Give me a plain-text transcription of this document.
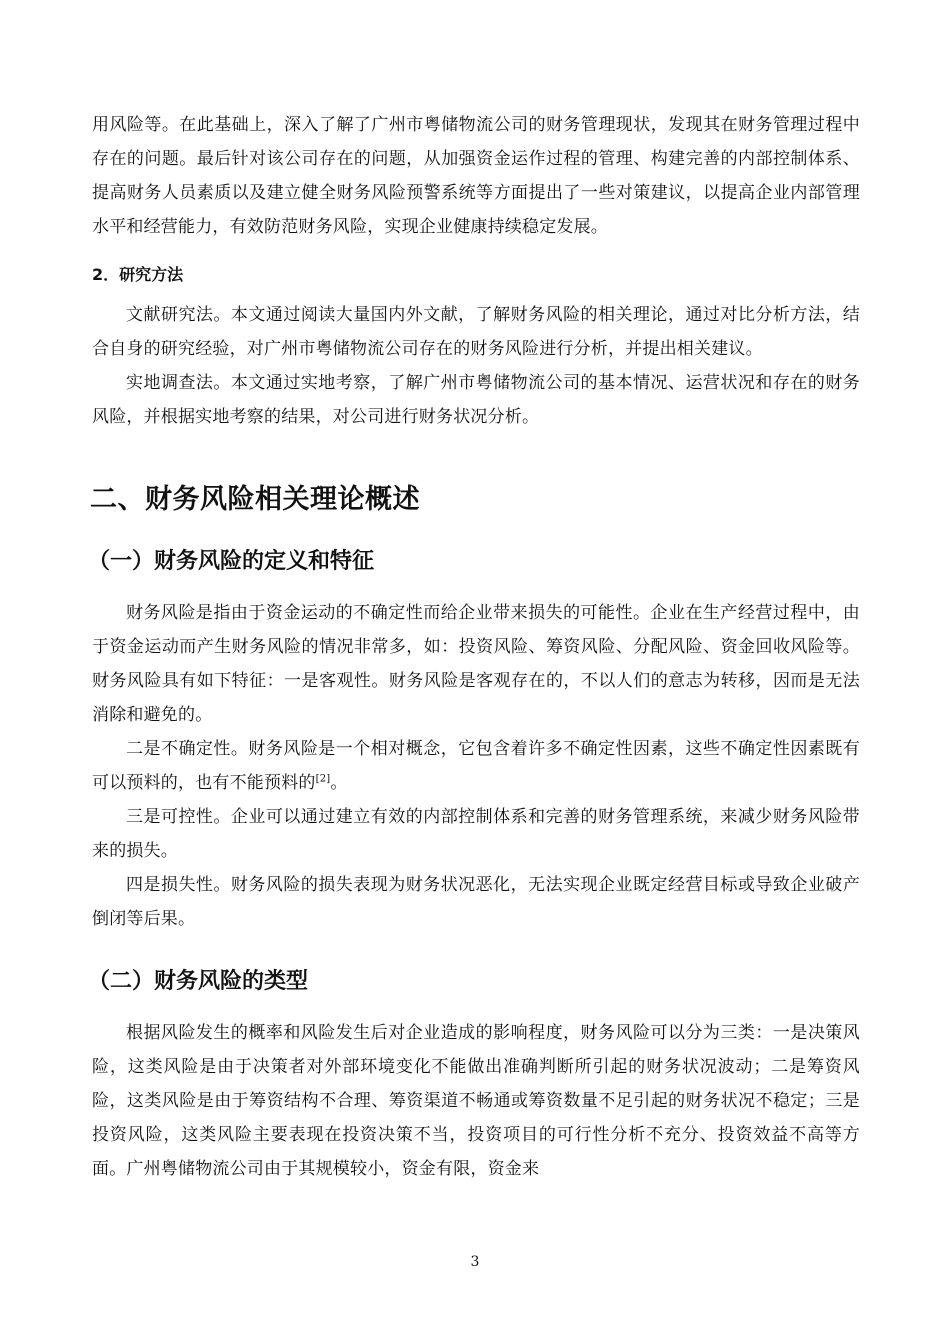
用风险等。在此基础上，深入了解了广州市粤储物流公司的财务管理现状，发现其在财务管理过程中存在的问题。最后针对该公司存在的问题，从加强资金运作过程的管理、构建完善的内部控制体系、提高财务人员素质以及建立健全财务风险预警系统等方面提出了一些对策建议，以提高企业内部管理水平和经营能力，有效防范财务风险，实现企业健康持续稳定发展。

2．研究方法

文献研究法。本文通过阅读大量国内外文献，了解财务风险的相关理论，通过对比分析方法，结合自身的研究经验，对广州市粤储物流公司存在的财务风险进行分析，并提出相关建议。

实地调查法。本文通过实地考察，了解广州市粤储物流公司的基本情况、运营状况和存在的财务风险，并根据实地考察的结果，对公司进行财务状况分析。

二、财务风险相关理论概述
（一）财务风险的定义和特征

财务风险是指由于资金运动的不确定性而给企业带来损失的可能性。企业在生产经营过程中，由于资金运动而产生财务风险的情况非常多，如：投资风险、筹资风险、分配风险、资金回收风险等。财务风险具有如下特征：一是客观性。财务风险是客观存在的，不以人们的意志为转移，因而是无法消除和避免的。

二是不确定性。财务风险是一个相对概念，它包含着许多不确定性因素，这些不确定性因素既有可以预料的，也有不能预料的[2]。

三是可控性。企业可以通过建立有效的内部控制体系和完善的财务管理系统，来减少财务风险带来的损失。

四是损失性。财务风险的损失表现为财务状况恶化，无法实现企业既定经营目标或导致企业破产倒闭等后果。

（二）财务风险的类型

根据风险发生的概率和风险发生后对企业造成的影响程度，财务风险可以分为三类：一是决策风险，这类风险是由于决策者对外部环境变化不能做出准确判断所引起的财务状况波动；二是筹资风险，这类风险是由于筹资结构不合理、筹资渠道不畅通或筹资数量不足引起的财务状况不稳定；三是投资风险，这类风险主要表现在投资决策不当，投资项目的可行性分析不充分、投资效益不高等方面。广州粤储物流公司由于其规模较小，资金有限，资金来

3
